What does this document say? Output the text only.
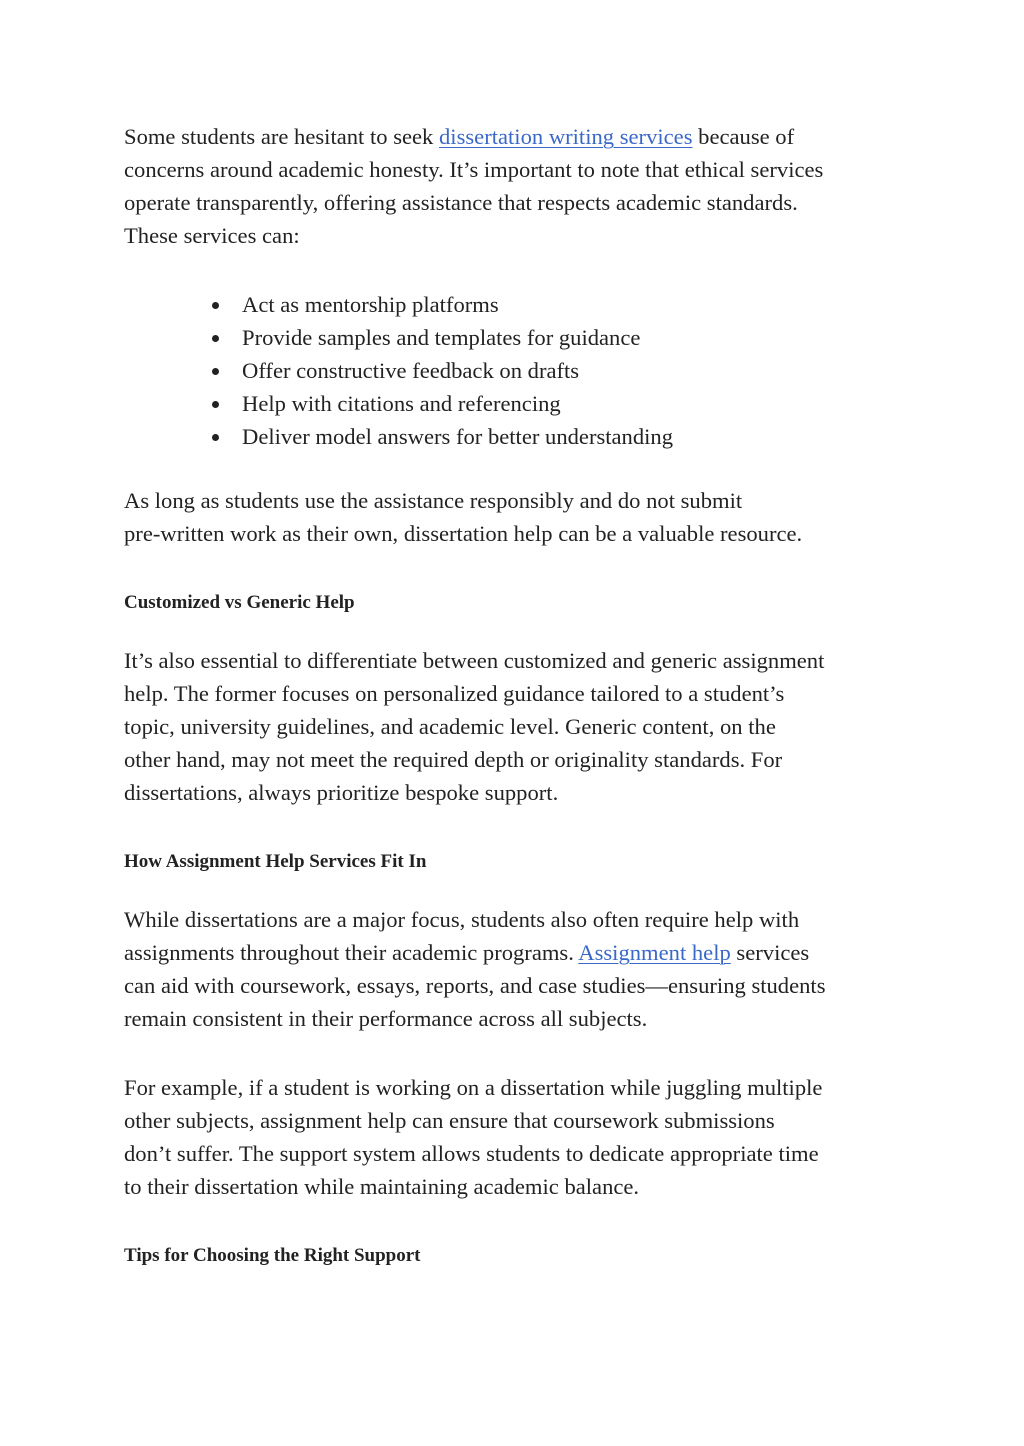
Some students are hesitant to seek dissertation writing services because of
concerns around academic honesty. It’s important to note that ethical services
operate transparently, offering assistance that respects academic standards.
These services can:

Act as mentorship platforms
Provide samples and templates for guidance
Offer constructive feedback on drafts
Help with citations and referencing
Deliver model answers for better understanding

As long as students use the assistance responsibly and do not submit
pre-written work as their own, dissertation help can be a valuable resource.

Customized vs Generic Help

It’s also essential to differentiate between customized and generic assignment
help. The former focuses on personalized guidance tailored to a student’s
topic, university guidelines, and academic level. Generic content, on the
other hand, may not meet the required depth or originality standards. For
dissertations, always prioritize bespoke support.

How Assignment Help Services Fit In

While dissertations are a major focus, students also often require help with
assignments throughout their academic programs. Assignment help services
can aid with coursework, essays, reports, and case studies—ensuring students
remain consistent in their performance across all subjects.

For example, if a student is working on a dissertation while juggling multiple
other subjects, assignment help can ensure that coursework submissions
don’t suffer. The support system allows students to dedicate appropriate time
to their dissertation while maintaining academic balance.

Tips for Choosing the Right Support
